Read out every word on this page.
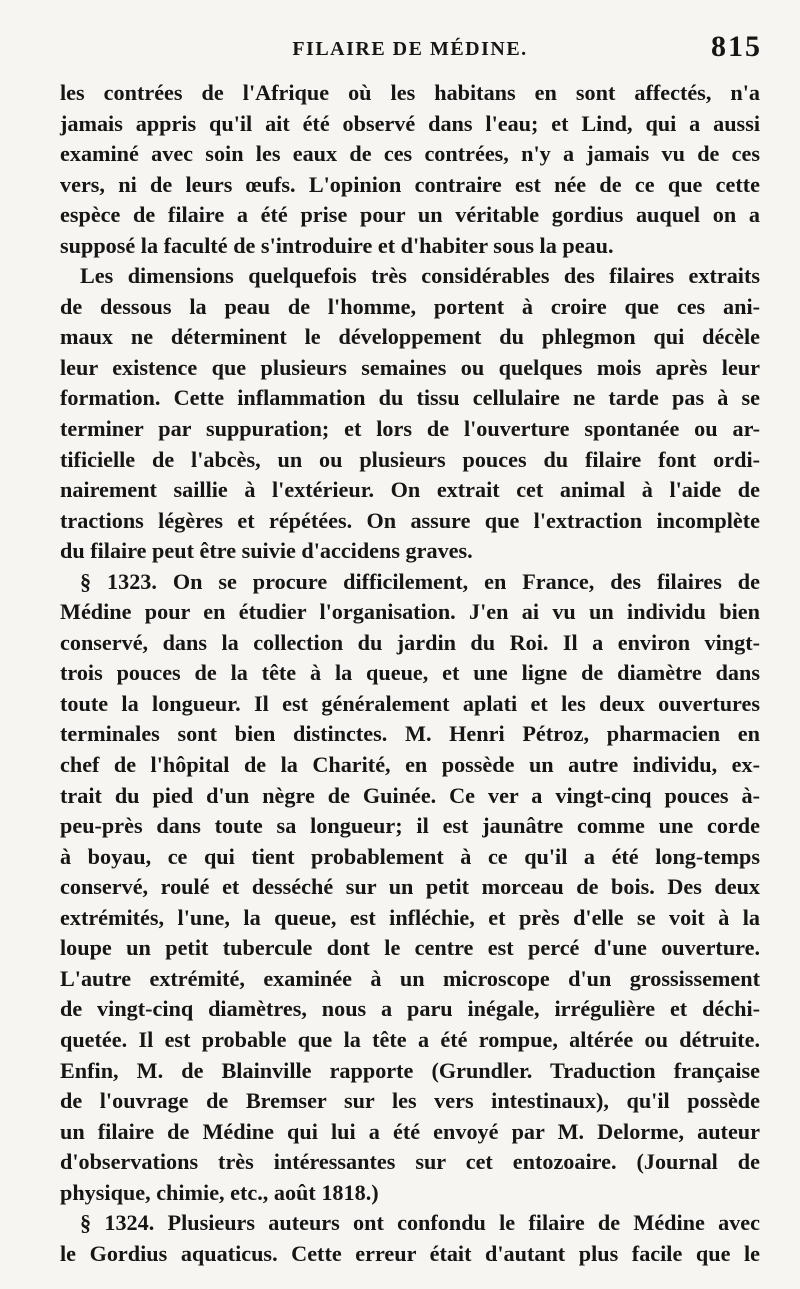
FILAIRE DE MÉDINE.	815
les contrées de l'Afrique où les habitans en sont affectés, n'a
jamais appris qu'il ait été observé dans l'eau; et Lind, qui a aussi
examiné avec soin les eaux de ces contrées, n'y a jamais vu de ces
vers, ni de leurs œufs. L'opinion contraire est née de ce que cette
espèce de filaire a été prise pour un véritable gordius auquel on a
supposé la faculté de s'introduire et d'habiter sous la peau.
Les dimensions quelquefois très considérables des filaires extraits
de dessous la peau de l'homme, portent à croire que ces ani-
maux ne déterminent le développement du phlegmon qui décèle
leur existence que plusieurs semaines ou quelques mois après leur
formation. Cette inflammation du tissu cellulaire ne tarde pas à se
terminer par suppuration; et lors de l'ouverture spontanée ou ar-
tificielle de l'abcès, un ou plusieurs pouces du filaire font ordi-
nairement saillie à l'extérieur. On extrait cet animal à l'aide de
tractions légères et répétées. On assure que l'extraction incomplète
du filaire peut être suivie d'accidens graves.
§ 1323. On se procure difficilement, en France, des filaires de
Médine pour en étudier l'organisation. J'en ai vu un individu bien
conservé, dans la collection du jardin du Roi. Il a environ vingt-
trois pouces de la tête à la queue, et une ligne de diamètre dans
toute la longueur. Il est généralement aplati et les deux ouvertures
terminales sont bien distinctes. M. Henri Pétroz, pharmacien en
chef de l'hôpital de la Charité, en possède un autre individu, ex-
trait du pied d'un nègre de Guinée. Ce ver a vingt-cinq pouces à-
peu-près dans toute sa longueur; il est jaunâtre comme une corde
à boyau, ce qui tient probablement à ce qu'il a été long-temps
conservé, roulé et desséché sur un petit morceau de bois. Des deux
extrémités, l'une, la queue, est infléchie, et près d'elle se voit à la
loupe un petit tubercule dont le centre est percé d'une ouverture.
L'autre extrémité, examinée à un microscope d'un grossissement
de vingt-cinq diamètres, nous a paru inégale, irrégulière et déchi-
quetée. Il est probable que la tête a été rompue, altérée ou détruite.
Enfin, M. de Blainville rapporte (Grundler. Traduction française
de l'ouvrage de Bremser sur les vers intestinaux), qu'il possède
un filaire de Médine qui lui a été envoyé par M. Delorme, auteur
d'observations très intéressantes sur cet entozoaire. (Journal de
physique, chimie, etc., août 1818.)
§ 1324. Plusieurs auteurs ont confondu le filaire de Médine avec
le Gordius aquaticus. Cette erreur était d'autant plus facile que le
